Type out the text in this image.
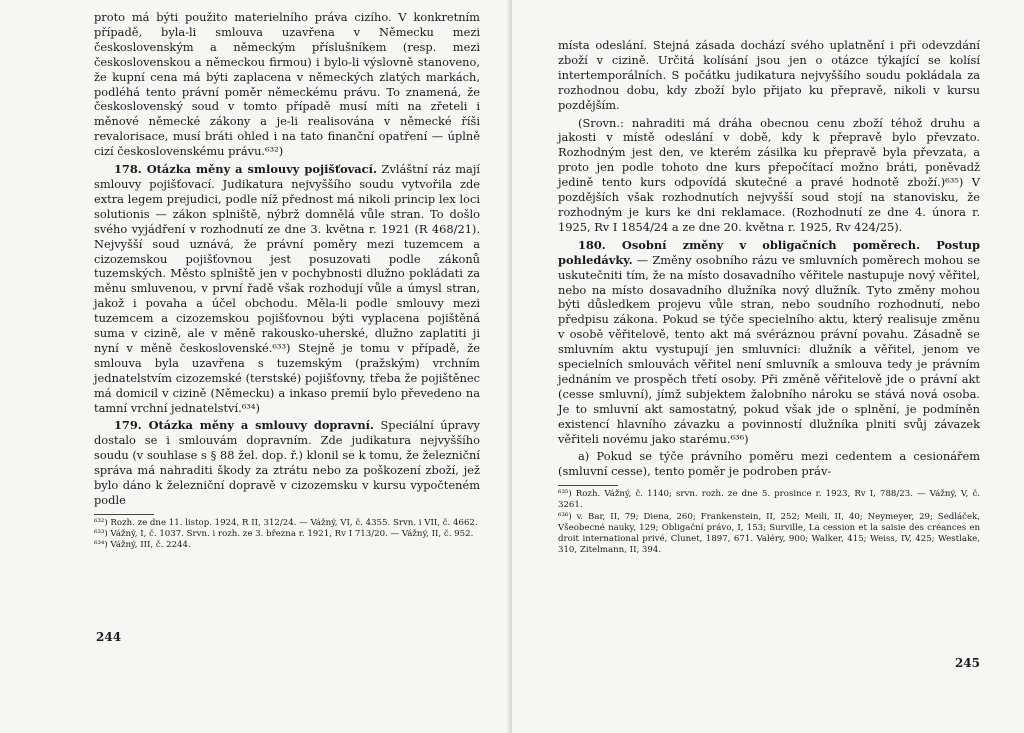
proto má býti použito materielního práva cizího. V konkretním případě, byla-li smlouva uzavřena v Německu mezi československým a německým příslušníkem (resp. mezi československou a německou firmou) i bylo-li výslovně stanoveno, že kupní cena má býti zaplacena v německých zlatých markách, podléhá tento právní poměr německému právu. To znamená, že československý soud v tomto případě musí míti na zřeteli i měnové německé zákony a je-li realisována v německé říši revalorisace, musí bráti ohled i na tato finanční opatření — úplně cizí československému právu.⁶³²)

178. Otázka měny a smlouvy pojišťovací. Zvláštní ráz mají smlouvy pojišťovací. Judikatura nejvyššího soudu vytvořila zde extra legem prejudici, podle níž přednost má nikoli princip lex loci solutionis — zákon splniště, nýbrž domnělá vůle stran. To došlo svého vyjádření v rozhodnutí ze dne 3. května r. 1921 (R 468/21). Nejvyšší soud uznává, že právní poměry mezi tuzemcem a cizozemskou pojišťovnou jest posuzovati podle zákonů tuzemských. Město splniště jen v pochybnosti dlužno pokládati za měnu smluvenou, v první řadě však rozhodují vůle a úmysl stran, jakož i povaha a účel obchodu. Měla-li podle smlouvy mezi tuzemcem a cizozemskou pojišťovnou býti vyplacena pojištěná suma v cizině, ale v měně rakousko-uherské, dlužno zaplatiti ji nyní v měně československé.⁶³³) Stejně je tomu v případě, že smlouva byla uzavřena s tuzemským (pražským) vrchním jednatelstvím cizozemské (terstské) pojišťovny, třeba že pojištěnec má domicil v cizině (Německu) a inkaso premií bylo převedeno na tamní vrchní jednatelství.⁶³⁴)

179. Otázka měny a smlouvy dopravní. Speciální úpravy dostalo se i smlouvám dopravním. Zde judikatura nejvyššího soudu (v souhlase s § 88 žel. dop. ř.) klonil se k tomu, že železniční správa má nahraditi škody za ztrátu nebo za poškození zboží, jež bylo dáno k železniční dopravě v cizozemsku v kursu vypočteném podle

⁶³²) Rozh. ze dne 11. listop. 1924, R II, 312/24. — Vážný, VI, č. 4355. Srvn. i VII, č. 4662.

⁶³³) Vážný, I, č. 1037. Srvn. i rozh. ze 3. března r. 1921, Rv I 713/20. — Vážný, II, č. 952.

⁶³⁴) Vážný, III, č. 2244.

244

místa odeslání. Stejná zásada dochází svého uplatnění i při odevzdání zboží v cizině. Určitá kolísání jsou jen o otázce týkající se kolísí intertemporálních. S počátku judikatura nejvyššího soudu pokládala za rozhodnou dobu, kdy zboží bylo přijato ku přepravě, nikoli v kursu pozdějším.

(Srovn.: nahraditi má dráha obecnou cenu zboží téhož druhu a jakosti v místě odeslání v době, kdy k přepravě bylo převzato. Rozhodným jest den, ve kterém zásilka ku přepravě byla převzata, a proto jen podle tohoto dne kurs přepočítací možno bráti, poněvadž jedině tento kurs odpovídá skutečné a pravé hodnotě zboží.)⁶³⁵) V pozdějších však rozhodnutích nejvyšší soud stojí na stanovisku, že rozhodným je kurs ke dni reklamace. (Rozhodnutí ze dne 4. února r. 1925, Rv I 1854/24 a ze dne 20. května r. 1925, Rv 424/25).

180. Osobní změny v obligačních poměrech. Postup pohledávky. — Změny osobního rázu ve smluvních poměrech mohou se uskutečniti tím, že na místo dosavadního věřitele nastupuje nový věřitel, nebo na místo dosavadního dlužníka nový dlužník. Tyto změny mohou býti důsledkem projevu vůle stran, nebo soudního rozhodnutí, nebo předpisu zákona. Pokud se týče specielního aktu, který realisuje změnu v osobě věřitelově, tento akt má svéráznou právní povahu. Zásadně se smluvním aktu vystupují jen smluvníci: dlužník a věřitel, jenom ve specielních smlouvách věřitel není smluvník a smlouva tedy je právním jednáním ve prospěch třetí osoby. Při změně věřitelově jde o právní akt (cesse smluvní), jímž subjektem žalobního nároku se stává nová osoba. Je to smluvní akt samostatný, pokud však jde o splnění, je podmíněn existencí hlavního závazku a povinností dlužníka plniti svůj závazek věřiteli novému jako starému.⁶³⁶)

a) Pokud se týče právního poměru mezi cedentem a cesionářem (smluvní cesse), tento poměr je podroben práv-

⁶³⁵) Rozh. Vážný, č. 1140; srvn. rozh. ze dne 5. prosince r. 1923, Rv I, 788/23. — Vážný, V, č. 3261.

⁶³⁶) v. Bar, II, 79; Diena, 260; Frankenstein, II, 252; Meili, II, 40; Neymeyer, 29; Sedláček, Všeobecné nauky, 129; Obligační právo, I, 153; Surville, La cession et la saisie des créances en droit international privé, Clunet, 1897, 671. Valéry, 900; Walker, 415; Weiss, IV, 425; Westlake, 310, Zitelmann, II, 394.

245
